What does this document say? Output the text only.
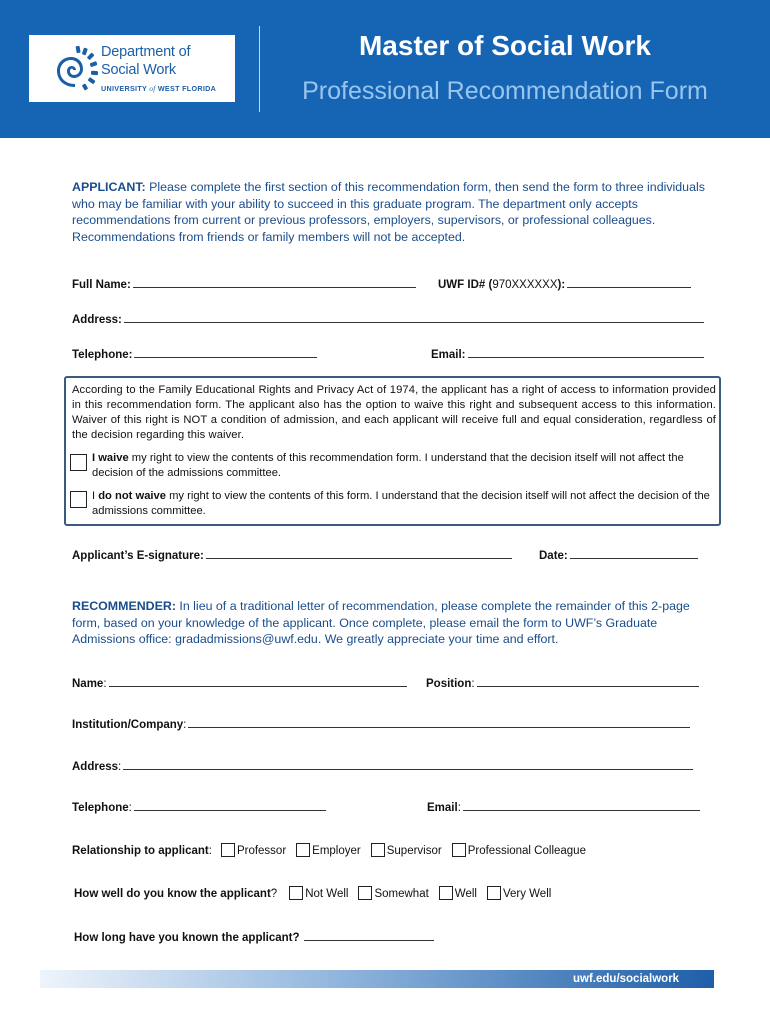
Department of
Social Work
UNIVERSITY of WEST FLORIDA
Master of Social Work
Professional Recommendation Form
APPLICANT: Please complete the first section of this recommendation form, then send the form to three individuals who may be familiar with your ability to succeed in this graduate program. The department only accepts recommendations from current or previous professors, employers, supervisors, or professional colleagues. Recommendations from friends or family members will not be accepted.
Full Name:	UWF ID# (970XXXXXX):
Address:
Telephone:	Email:
According to the Family Educational Rights and Privacy Act of 1974, the applicant has a right of access to information provided in this recommendation form. The applicant also has the option to waive this right and subsequent access to this information. Waiver of this right is NOT a condition of admission, and each applicant will receive full and equal consideration, regardless of the decision regarding this waiver.
I waive my right to view the contents of this recommendation form. I understand that the decision itself will not affect the decision of the admissions committee.
I do not waive my right to view the contents of this form. I understand that the decision itself will not affect the decision of the admissions committee.
Applicant’s E-signature:	Date:
RECOMMENDER: In lieu of a traditional letter of recommendation, please complete the remainder of this 2-page form, based on your knowledge of the applicant. Once complete, please email the form to UWF’s Graduate Admissions office: gradadmissions@uwf.edu. We greatly appreciate your time and effort.
Name:	Position:
Institution/Company:
Address:
Telephone:	Email:
Relationship to applicant: Professor Employer Supervisor Professional Colleague
How well do you know the applicant? Not Well Somewhat Well Very Well
How long have you known the applicant?
uwf.edu/socialwork
